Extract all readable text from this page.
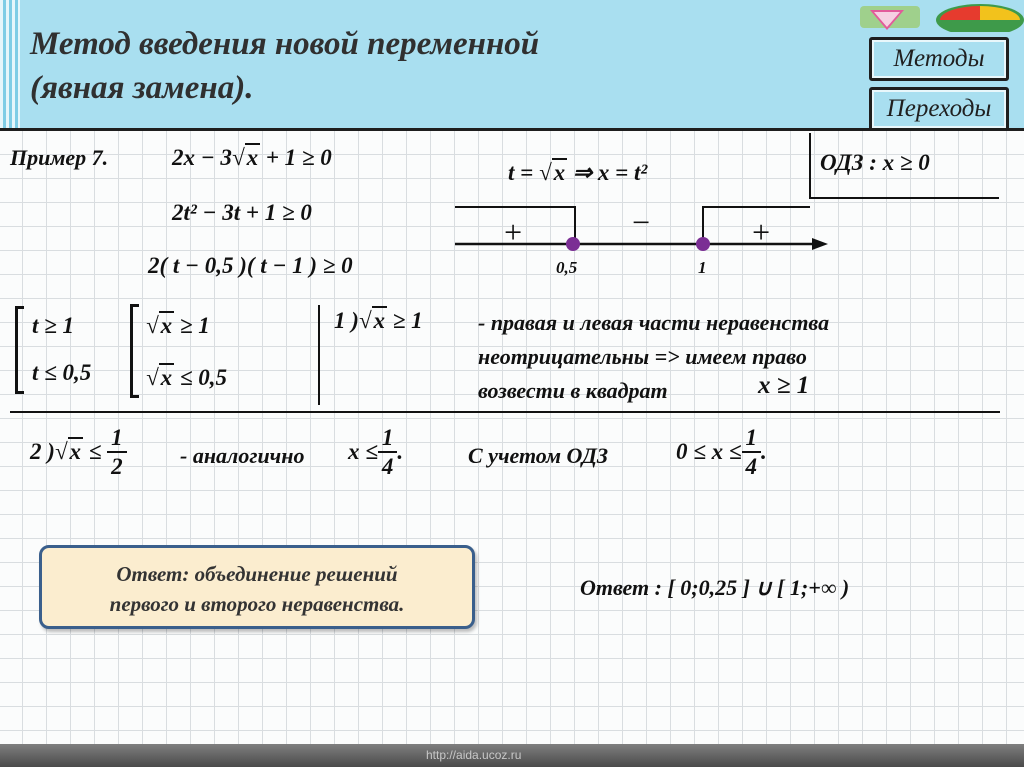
Метод введения новой переменной
(явная замена).
Методы
Переходы
Пример 7.	2x − 3√x + 1 ≥ 0
2t² − 3t + 1 ≥ 0
2( t − 0,5 )( t − 1 ) ≥ 0
t = √x ⇒ x = t²	ОДЗ : x ≥ 0
+	−	+
0,5	1
t ≥ 1
t ≤ 0,5
√x ≥ 1
√x ≤ 0,5
1 )√x ≥ 1	- правая и левая части неравенства
неотрицательны => имеем право
возвести в квадрат	x ≥ 1
2 )$√x \le \frac{1}{2}$ - аналогично $x \le \frac{1}{4}$ .	С учетом ОДЗ	$0 \le x \le \frac{1}{4}$ .
Ответ: объединение решений
первого и второго неравенства.
Ответ : [ 0;0,25 ] ∪ [ 1;+∞ )
http://aida.ucoz.ru
